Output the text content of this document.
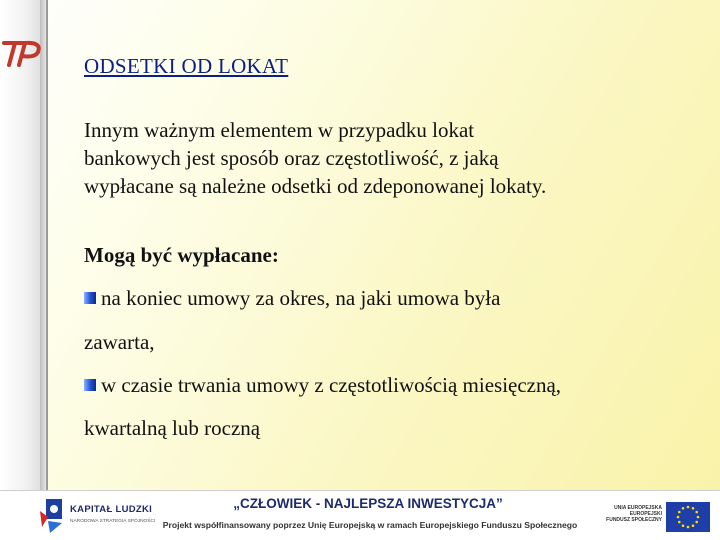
ODSETKI OD LOKAT
Innym ważnym elementem w przypadku lokat
bankowych jest sposób oraz częstotliwość, z jaką
wypłacane są należne odsetki od zdeponowanej lokaty.
Mogą być wypłacane:
na koniec umowy za okres, na jaki umowa była
zawarta,
w czasie trwania umowy z częstotliwością miesięczną,
kwartalną lub roczną
KAPITAŁ LUDZKI
NARODOWA STRATEGIA SPÓJNOŚCI
„CZŁOWIEK - NAJLEPSZA INWESTYCJA”
Projekt współfinansowany poprzez Unię Europejską w ramach Europejskiego Funduszu Społecznego
UNIA EUROPEJSKA
EUROPEJSKI
FUNDUSZ SPOŁECZNY
